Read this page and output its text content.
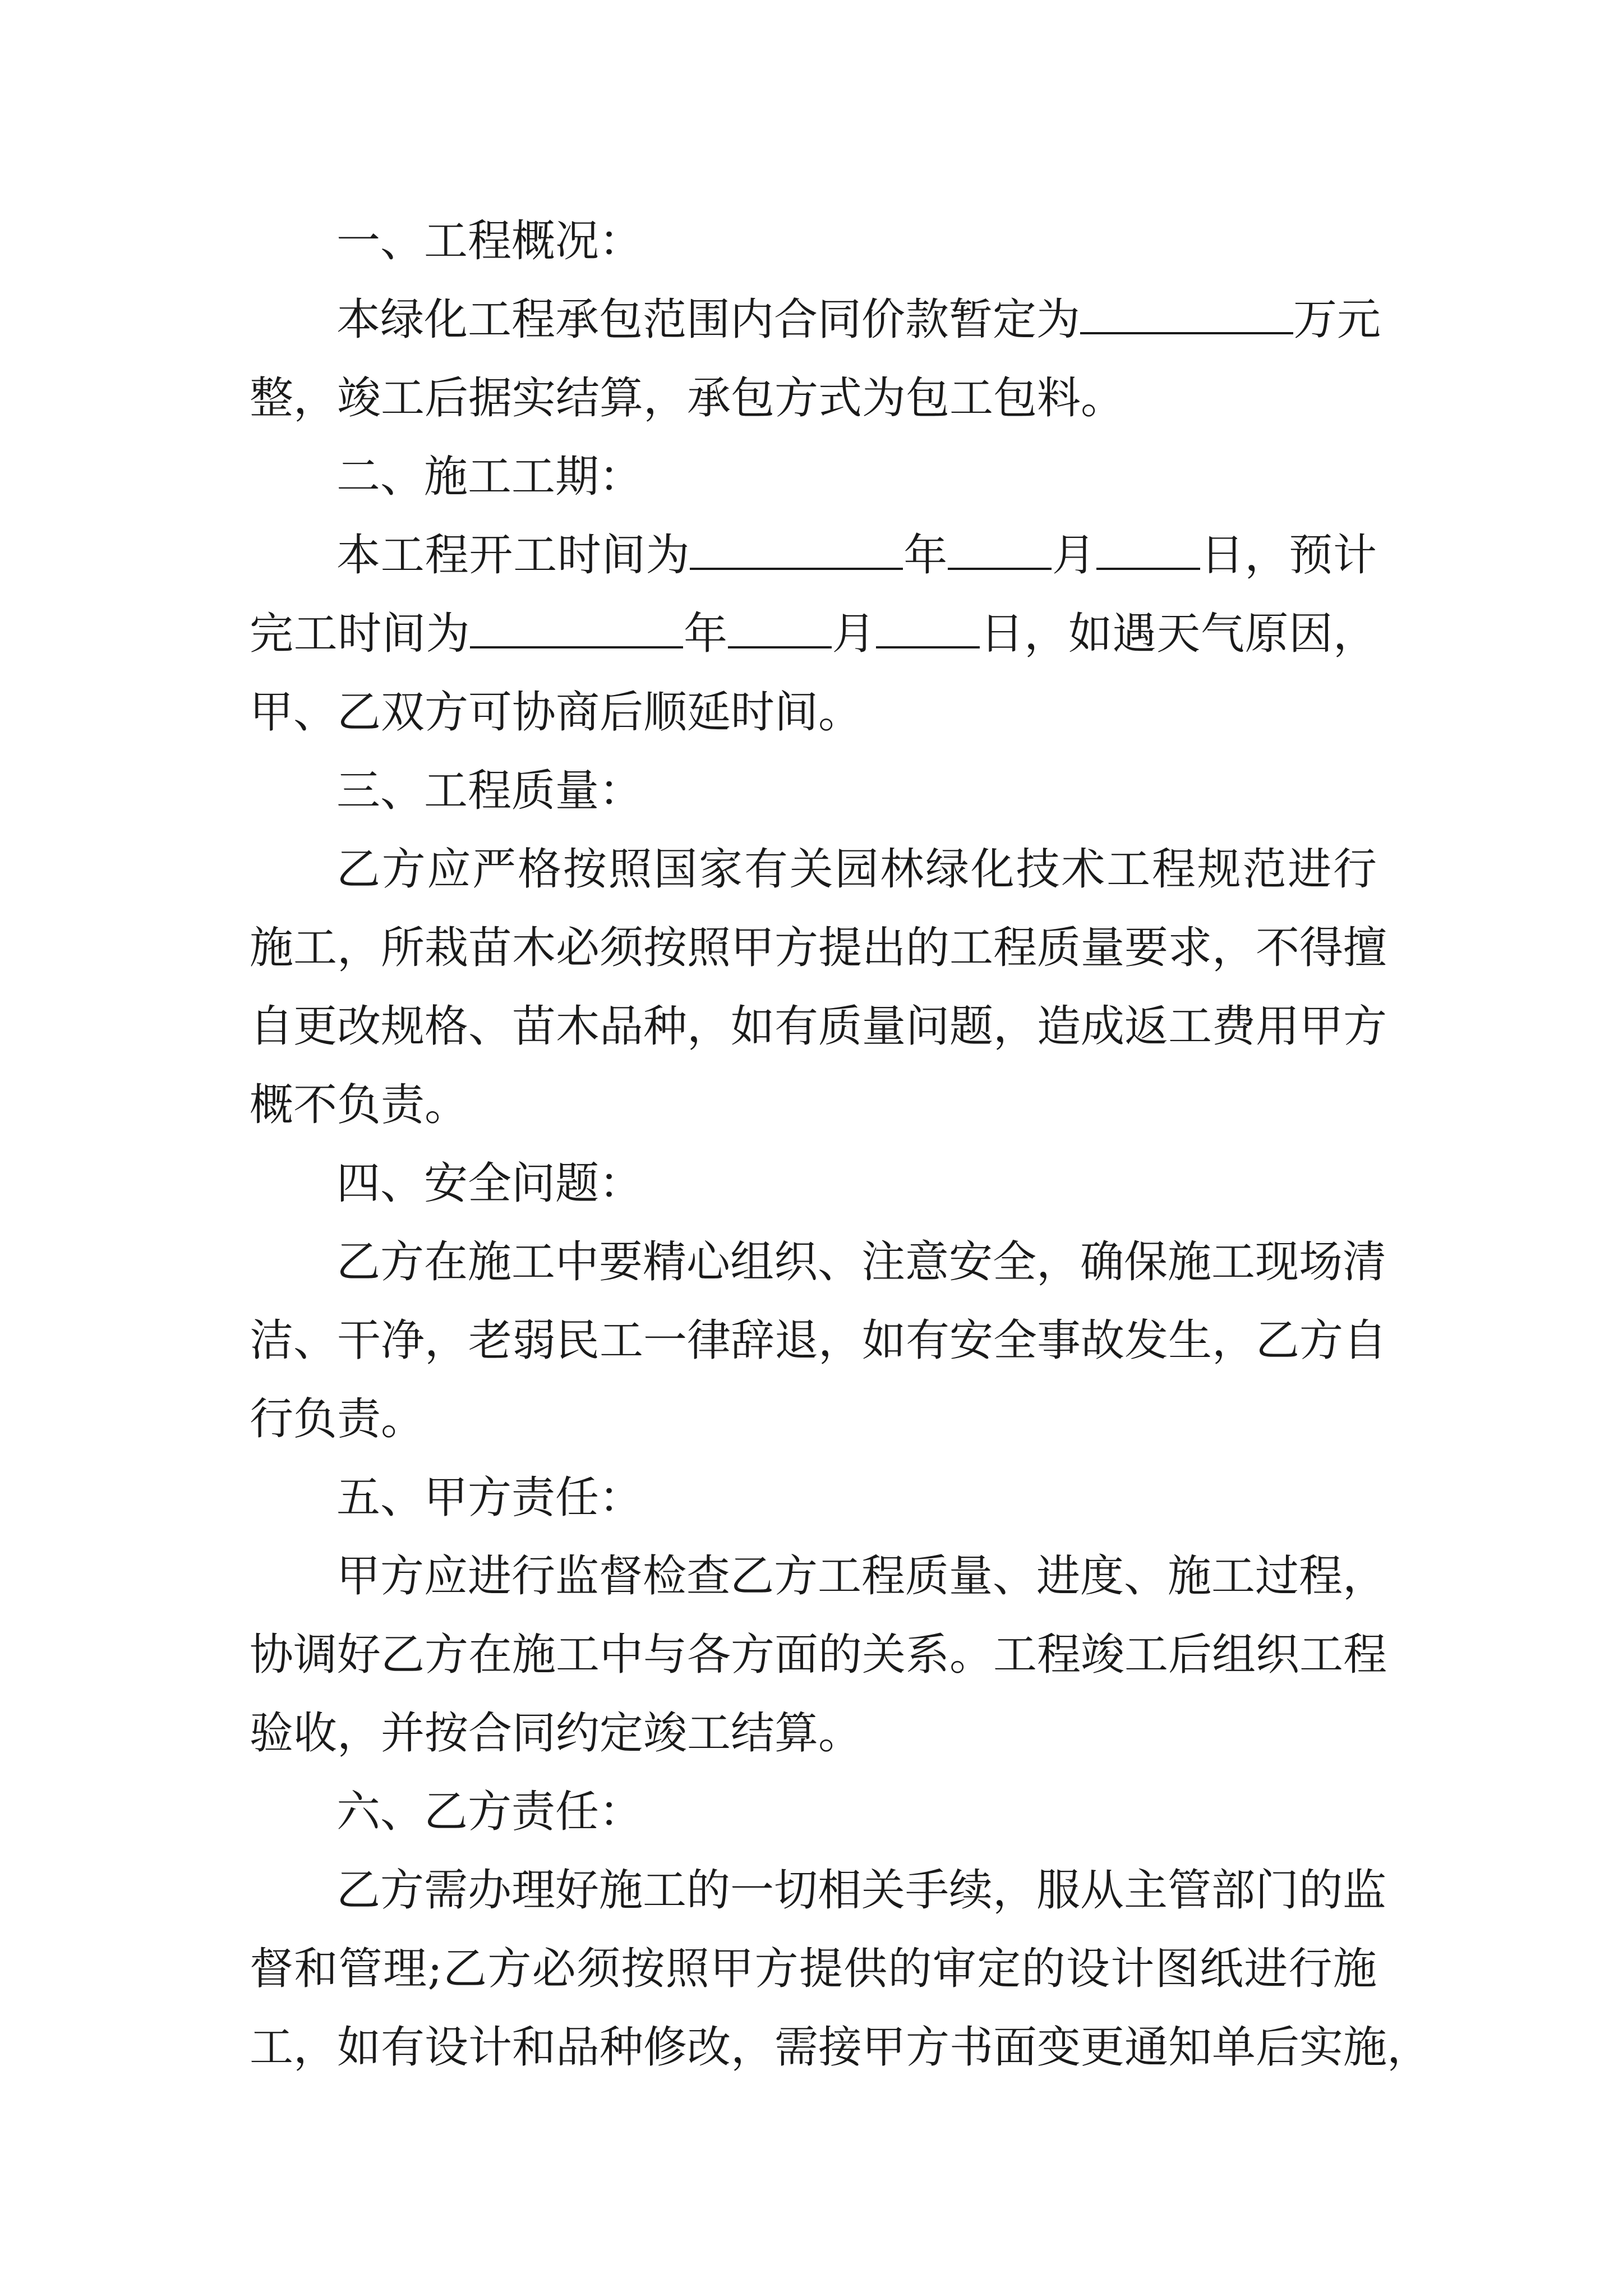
一、工程概况：
本绿化工程承包范围内合同价款暂定为	万元
整，竣工后据实结算，承包方式为包工包料。
二、施工工期：
本工程开工时间为	年 月 日，预计
完工时间为	年 月 日，如遇天气原因，
甲、乙双方可协商后顺延时间。
三、工程质量：
乙方应严格按照国家有关园林绿化技术工程规范进行
施工，所栽苗木必须按照甲方提出的工程质量要求，不得擅
自更改规格、苗木品种，如有质量问题，造成返工费用甲方
概不负责。
四、安全问题：
乙方在施工中要精心组织、注意安全，确保施工现场清
洁、干净，老弱民工一律辞退，如有安全事故发生，乙方自
行负责。
五、甲方责任：
甲方应进行监督检查乙方工程质量、进度、施工过程，
协调好乙方在施工中与各方面的关系。工程竣工后组织工程
验收，并按合同约定竣工结算。
六、乙方责任：
乙方需办理好施工的一切相关手续，服从主管部门的监
督和管理;乙方必须按照甲方提供的审定的设计图纸进行施
工，如有设计和品种修改，需接甲方书面变更通知单后实施，
